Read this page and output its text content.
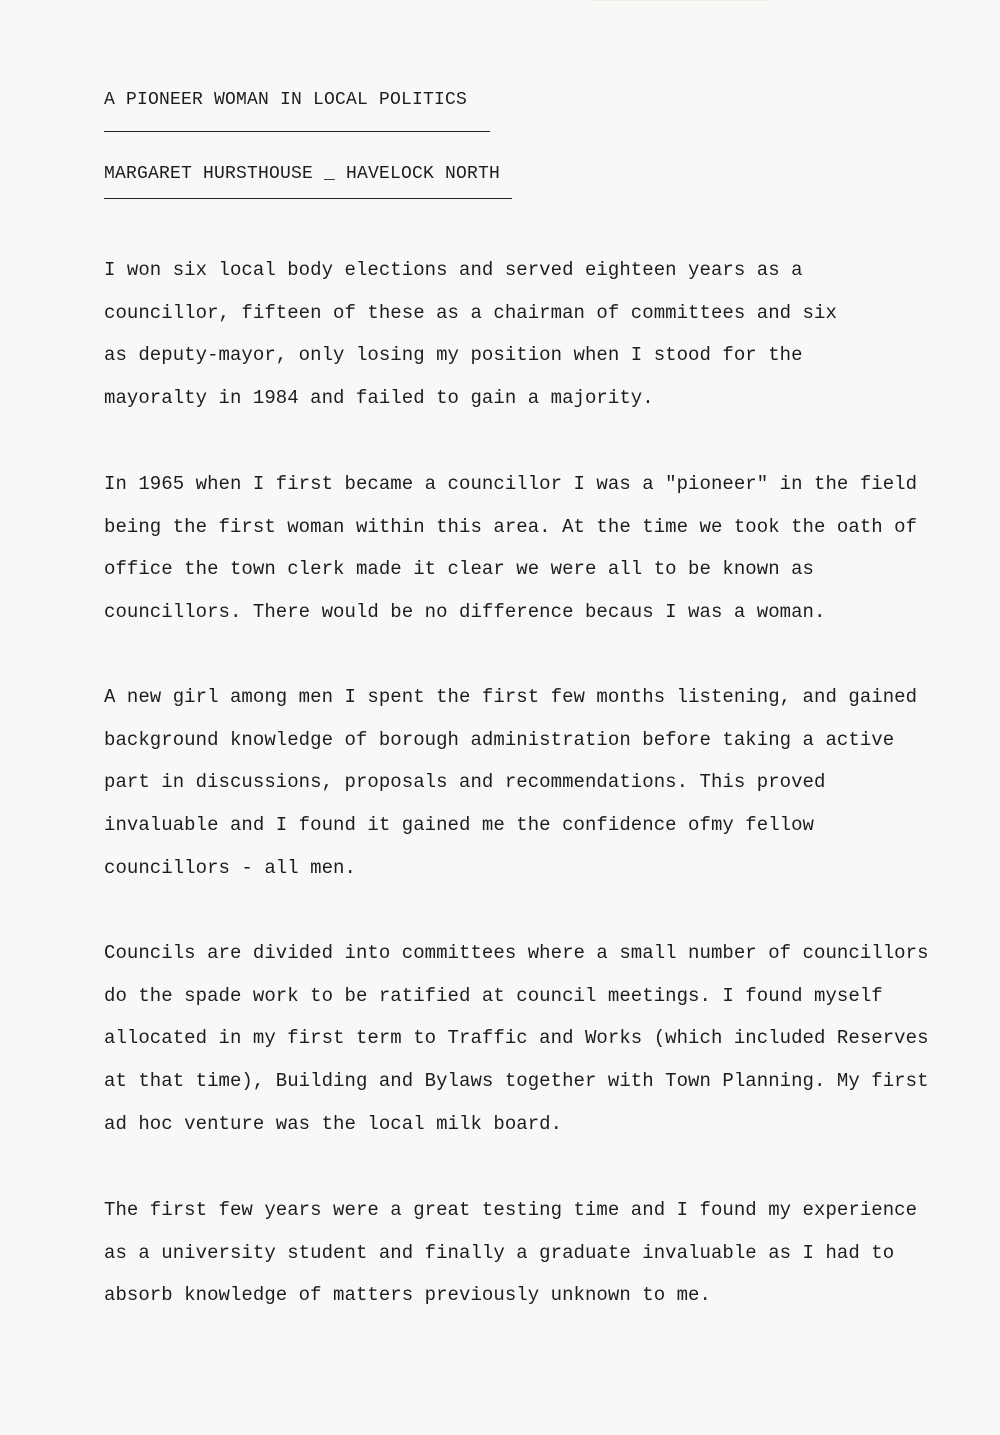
A PIONEER WOMAN IN LOCAL POLITICS
MARGARET HURSTHOUSE _ HAVELOCK NORTH
I won six local body elections and served eighteen years as a
councillor, fifteen of these as a chairman of committees and six
as deputy-mayor, only losing my position when I stood for the
mayoralty in 1984 and failed to gain a majority.
In 1965 when I first became a councillor I was a "pioneer" in the field
being the first woman within this area. At the time we took the oath of
office the town clerk made it clear we were all to be known as
councillors. There would be no difference becaus I was a woman.
A new girl among men I spent the first few months listening, and gained
background knowledge of borough administration before taking a active
part in discussions, proposals and recommendations. This proved
invaluable and I found it gained me the confidence ofmy fellow
councillors - all men.
Councils are divided into committees where a small number of councillors
do the spade work to be ratified at council meetings. I found myself
allocated in my first term to Traffic and Works (which included Reserves
at that time), Building and Bylaws together with Town Planning. My first
ad hoc venture was the local milk board.
The first few years were a great testing time and I found my experience
as a university student and finally a graduate invaluable as I had to
absorb knowledge of matters previously unknown to me.
